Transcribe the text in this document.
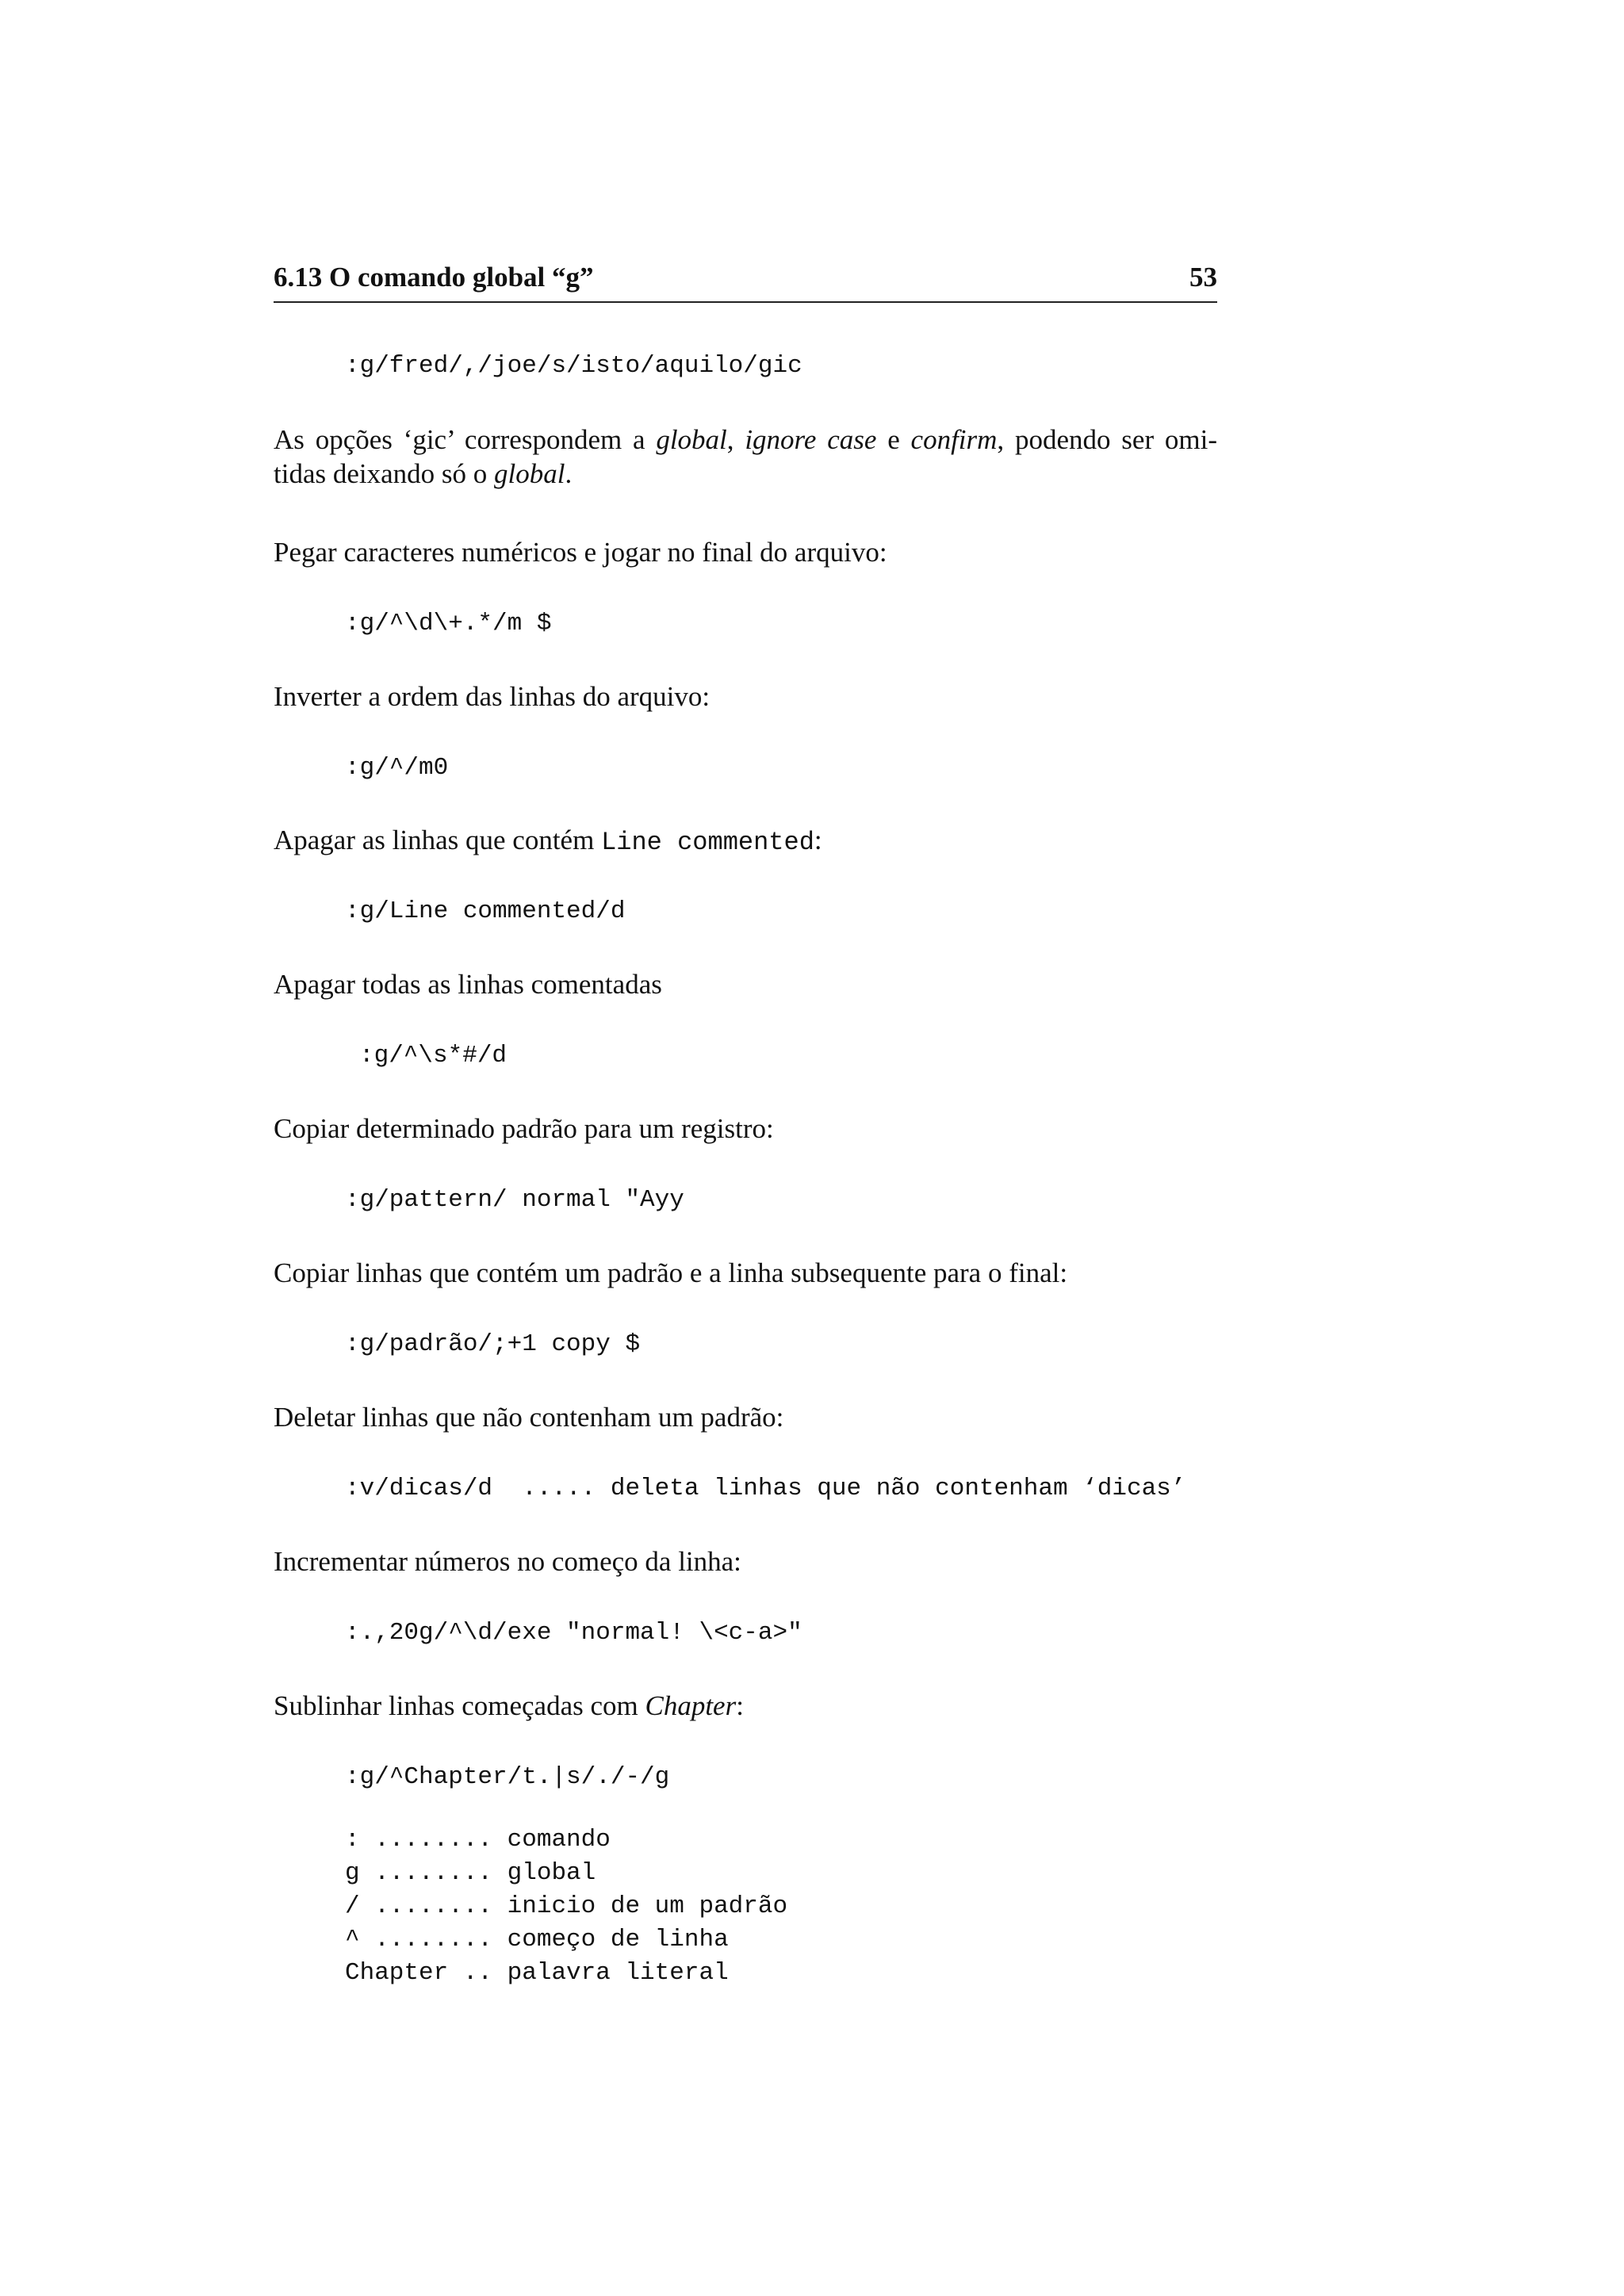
6.13 O comando global “g”	53
:g/fred/,/joe/s/isto/aquilo/gic
As opções ‘gic’ correspondem a global, ignore case e confirm, podendo ser omi-
tidas deixando só o global.
Pegar caracteres numéricos e jogar no final do arquivo:
:g/^\d\+.*/m $
Inverter a ordem das linhas do arquivo:
:g/^/m0
Apagar as linhas que contém Line commented:
:g/Line commented/d
Apagar todas as linhas comentadas
:g/^\s*#/d
Copiar determinado padrão para um registro:
:g/pattern/ normal "Ayy
Copiar linhas que contém um padrão e a linha subsequente para o final:
:g/padrão/;+1 copy $
Deletar linhas que não contenham um padrão:
:v/dicas/d  ..... deleta linhas que não contenham ‘dicas’
Incrementar números no começo da linha:
:.,20g/^\d/exe "normal! \<c-a>"
Sublinhar linhas começadas com Chapter:
:g/^Chapter/t.|s/./-/g
: ........ comando
g ........ global
/ ........ inicio de um padrão
^ ........ começo de linha
Chapter .. palavra literal
